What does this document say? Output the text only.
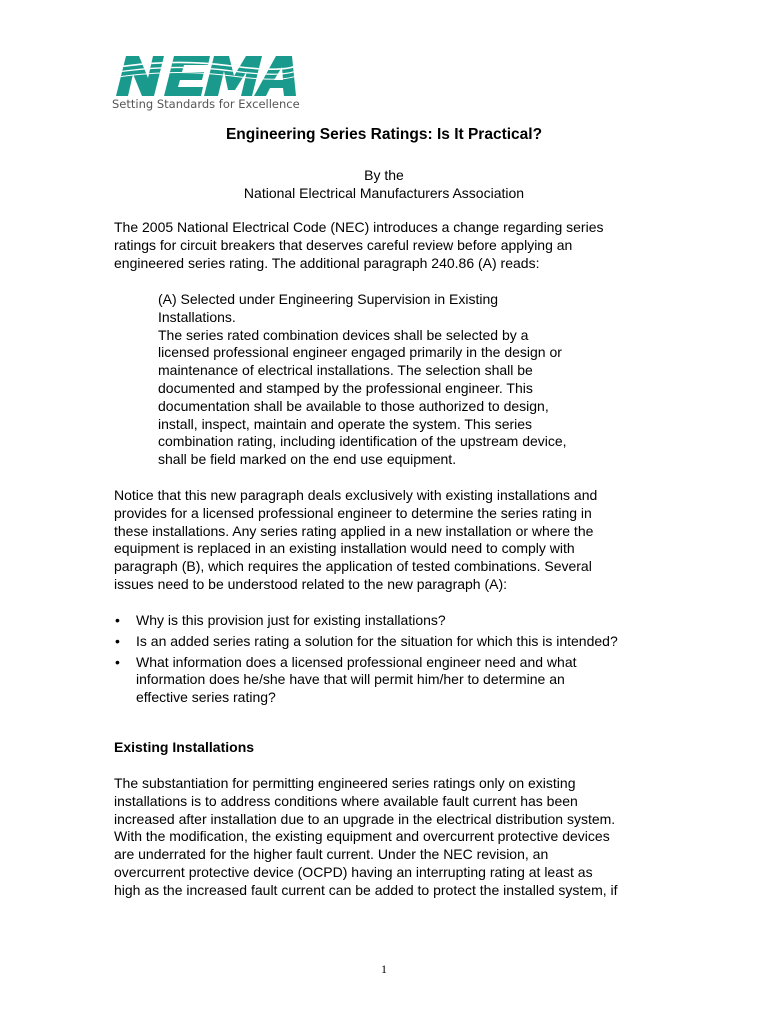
NEMA
Setting Standards for Excellence
Engineering Series Ratings: Is It Practical?
By the
National Electrical Manufacturers Association
The 2005 National Electrical Code (NEC) introduces a change regarding series
ratings for circuit breakers that deserves careful review before applying an
engineered series rating. The additional paragraph 240.86 (A) reads:
(A) Selected under Engineering Supervision in Existing
Installations.
The series rated combination devices shall be selected by a
licensed professional engineer engaged primarily in the design or
maintenance of electrical installations. The selection shall be
documented and stamped by the professional engineer. This
documentation shall be available to those authorized to design,
install, inspect, maintain and operate the system. This series
combination rating, including identification of the upstream device,
shall be field marked on the end use equipment.
Notice that this new paragraph deals exclusively with existing installations and
provides for a licensed professional engineer to determine the series rating in
these installations. Any series rating applied in a new installation or where the
equipment is replaced in an existing installation would need to comply with
paragraph (B), which requires the application of tested combinations. Several
issues need to be understood related to the new paragraph (A):
• Why is this provision just for existing installations?
• Is an added series rating a solution for the situation for which this is intended?
• What information does a licensed professional engineer need and what
information does he/she have that will permit him/her to determine an
effective series rating?
Existing Installations
The substantiation for permitting engineered series ratings only on existing
installations is to address conditions where available fault current has been
increased after installation due to an upgrade in the electrical distribution system.
With the modification, the existing equipment and overcurrent protective devices
are underrated for the higher fault current. Under the NEC revision, an
overcurrent protective device (OCPD) having an interrupting rating at least as
high as the increased fault current can be added to protect the installed system, if
1
